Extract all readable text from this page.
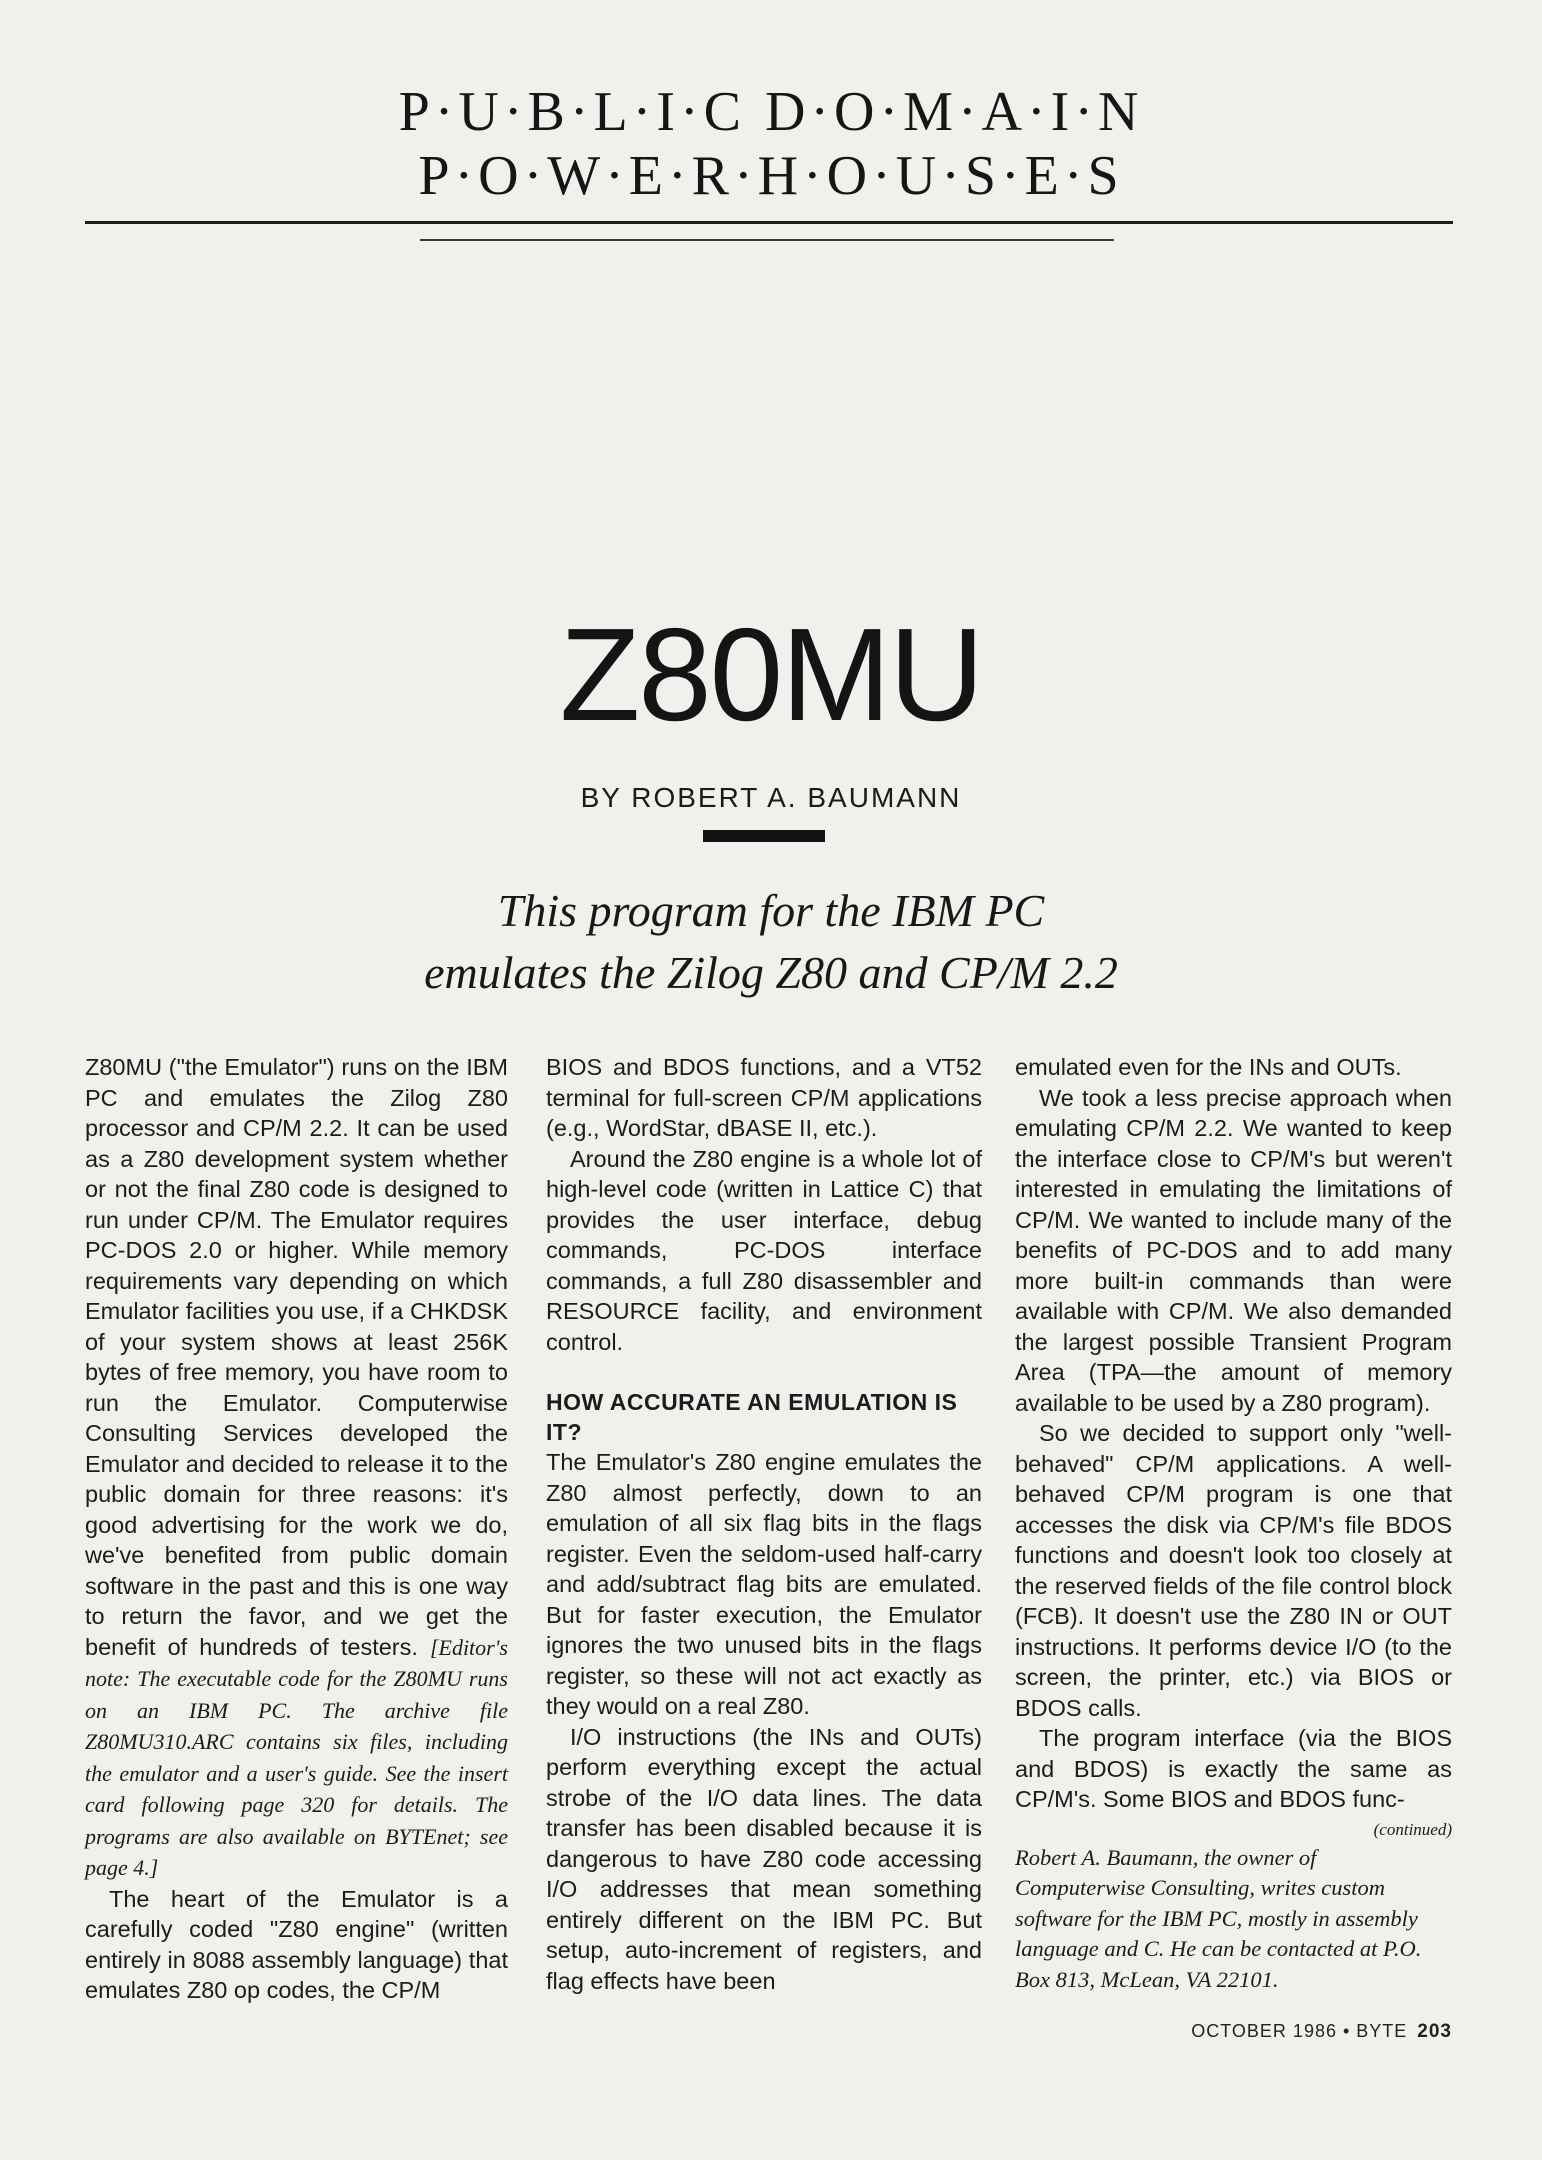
P·U·B·L·I·C D·O·M·A·I·N
P·O·W·E·R·H·O·U·S·E·S
Z80MU
BY ROBERT A. BAUMANN
This program for the IBM PC
emulates the Zilog Z80 and CP/M 2.2

Z80MU ("the Emulator") runs on the IBM PC and emulates the Zilog Z80 processor and CP/M 2.2. It can be used as a Z80 development system whether or not the final Z80 code is designed to run under CP/M. The Emulator requires PC-DOS 2.0 or higher. While memory requirements vary depending on which Emulator facilities you use, if a CHKDSK of your system shows at least 256K bytes of free memory, you have room to run the Emulator. Computerwise Consulting Services developed the Emulator and decided to release it to the public domain for three reasons: it's good advertising for the work we do, we've benefited from public domain software in the past and this is one way to return the favor, and we get the benefit of hundreds of testers. [Editor's note: The executable code for the Z80MU runs on an IBM PC. The archive file Z80MU310.ARC contains six files, including the emulator and a user's guide. See the insert card following page 320 for details. The programs are also available on BYTEnet; see page 4.]

The heart of the Emulator is a carefully coded "Z80 engine" (written entirely in 8088 assembly language) that emulates Z80 op codes, the CP/M

BIOS and BDOS functions, and a VT52 terminal for full-screen CP/M applications (e.g., WordStar, dBASE II, etc.).

Around the Z80 engine is a whole lot of high-level code (written in Lattice C) that provides the user interface, debug commands, PC-DOS interface commands, a full Z80 disassembler and RESOURCE facility, and environment control.

HOW ACCURATE AN EMULATION IS IT?

The Emulator's Z80 engine emulates the Z80 almost perfectly, down to an emulation of all six flag bits in the flags register. Even the seldom-used half-carry and add/subtract flag bits are emulated. But for faster execution, the Emulator ignores the two unused bits in the flags register, so these will not act exactly as they would on a real Z80.

I/O instructions (the INs and OUTs) perform everything except the actual strobe of the I/O data lines. The data transfer has been disabled because it is dangerous to have Z80 code accessing I/O addresses that mean something entirely different on the IBM PC. But setup, auto-increment of registers, and flag effects have been

emulated even for the INs and OUTs.

We took a less precise approach when emulating CP/M 2.2. We wanted to keep the interface close to CP/M's but weren't interested in emulating the limitations of CP/M. We wanted to include many of the benefits of PC-DOS and to add many more built-in commands than were available with CP/M. We also demanded the largest possible Transient Program Area (TPA—the amount of memory available to be used by a Z80 program).

So we decided to support only "well-behaved" CP/M applications. A well-behaved CP/M program is one that accesses the disk via CP/M's file BDOS functions and doesn't look too closely at the reserved fields of the file control block (FCB). It doesn't use the Z80 IN or OUT instructions. It performs device I/O (to the screen, the printer, etc.) via BIOS or BDOS calls.

The program interface (via the BIOS and BDOS) is exactly the same as CP/M's. Some BIOS and BDOS func-

(continued)

Robert A. Baumann, the owner of Computerwise Consulting, writes custom software for the IBM PC, mostly in assembly language and C. He can be contacted at P.O. Box 813, McLean, VA 22101.

OCTOBER 1986 • BYTE 203
